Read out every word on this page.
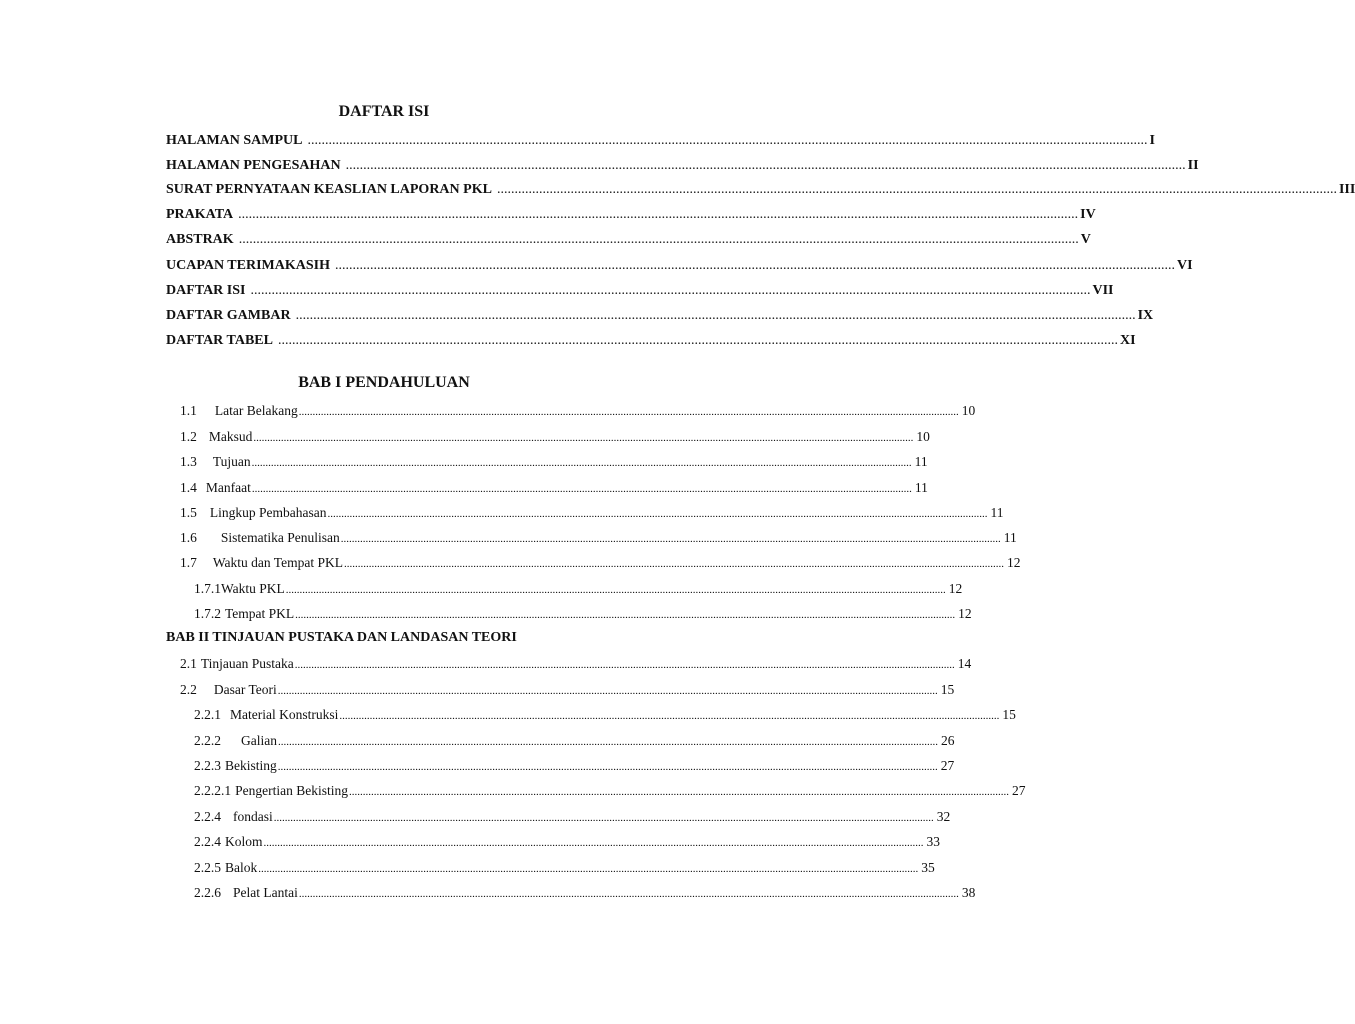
DAFTAR ISI
HALAMAN SAMPUL ................................................................................................................................................................................................................................................ I
HALAMAN PENGESAHAN ................................................................................................................................................................................................................................................ II
SURAT PERNYATAAN KEASLIAN LAPORAN PKL ................................................................................................................................................................................................................................................ III
PRAKATA ................................................................................................................................................................................................................................................ IV
ABSTRAK ................................................................................................................................................................................................................................................ V
UCAPAN TERIMAKASIH ................................................................................................................................................................................................................................................ VI
DAFTAR ISI ................................................................................................................................................................................................................................................ VII
DAFTAR GAMBAR ................................................................................................................................................................................................................................................ IX
DAFTAR TABEL ................................................................................................................................................................................................................................................ XI
BAB I PENDAHULUAN
1.1 Latar Belakang ................................................................................................................................................................................................................................................ 10
1.2 Maksud ................................................................................................................................................................................................................................................ 10
1.3 Tujuan ................................................................................................................................................................................................................................................ 11
1.4 Manfaat ................................................................................................................................................................................................................................................ 11
1.5 Lingkup Pembahasan ................................................................................................................................................................................................................................................ 11
1.6 Sistematika Penulisan ................................................................................................................................................................................................................................................ 11
1.7 Waktu dan Tempat PKL ................................................................................................................................................................................................................................................ 12
1.7.1 Waktu PKL ................................................................................................................................................................................................................................................ 12
1.7.2 Tempat PKL ................................................................................................................................................................................................................................................ 12
BAB II TINJAUAN PUSTAKA DAN LANDASAN TEORI
2.1 Tinjauan Pustaka ................................................................................................................................................................................................................................................ 14
2.2 Dasar Teori ................................................................................................................................................................................................................................................ 15
2.2.1 Material Konstruksi ................................................................................................................................................................................................................................................ 15
2.2.2 Galian ................................................................................................................................................................................................................................................ 26
2.2.3 Bekisting ................................................................................................................................................................................................................................................ 27
2.2.2.1 Pengertian Bekisting ................................................................................................................................................................................................................................................ 27
2.2.4 fondasi ................................................................................................................................................................................................................................................ 32
2.2.4 Kolom ................................................................................................................................................................................................................................................ 33
2.2.5 Balok ................................................................................................................................................................................................................................................ 35
2.2.6 Pelat Lantai ................................................................................................................................................................................................................................................ 38
